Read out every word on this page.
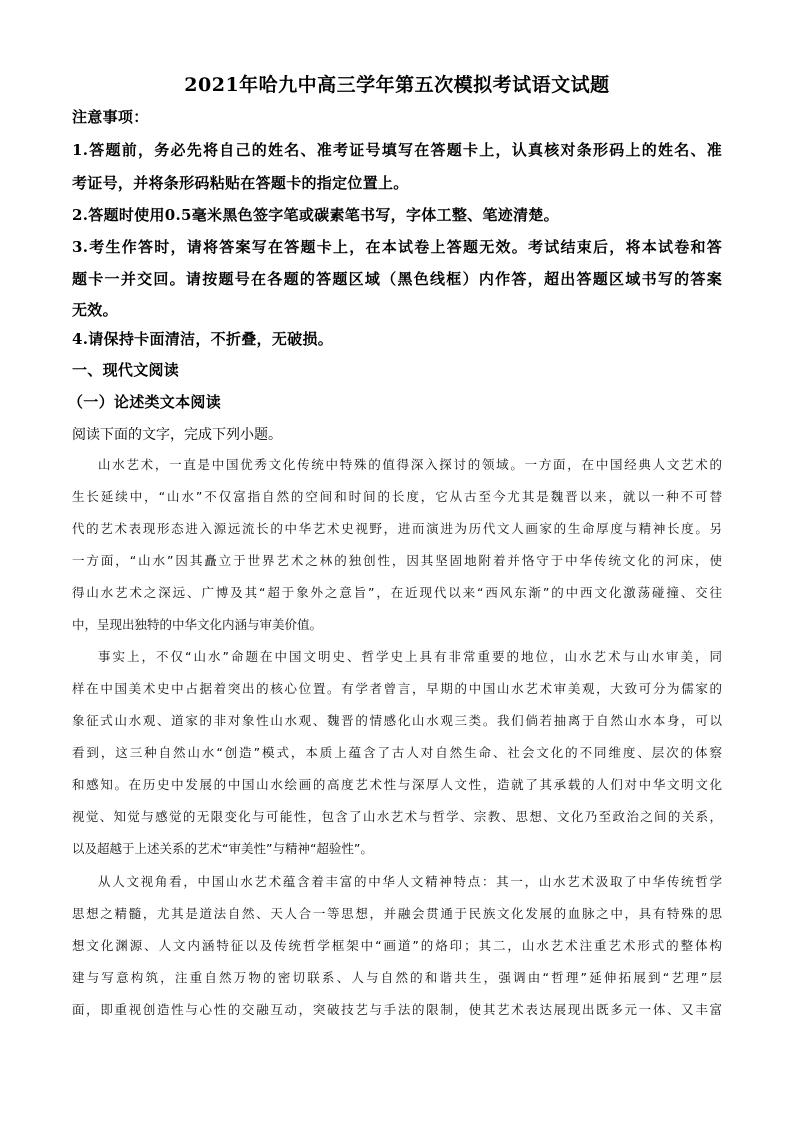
2021年哈九中高三学年第五次模拟考试语文试题
注意事项：
1.答题前，务必先将自己的姓名、准考证号填写在答题卡上，认真核对条形码上的姓名、准
考证号，并将条形码粘贴在答题卡的指定位置上。
2.答题时使用0.5毫米黑色签字笔或碳素笔书写，字体工整、笔迹清楚。
3.考生作答时，请将答案写在答题卡上，在本试卷上答题无效。考试结束后，将本试卷和答
题卡一并交回。请按题号在各题的答题区域（黑色线框）内作答，超出答题区域书写的答案
无效。
4.请保持卡面清洁，不折叠，无破损。
一、现代文阅读
（一）论述类文本阅读
阅读下面的文字，完成下列小题。
山水艺术，一直是中国优秀文化传统中特殊的值得深入探讨的领域。一方面，在中国经典人文艺术的
生长延续中，“山水”不仅富指自然的空间和时间的长度，它从古至今尤其是魏晋以来，就以一种不可替
代的艺术表现形态进入源远流长的中华艺术史视野，进而演进为历代文人画家的生命厚度与精神长度。另
一方面，“山水”因其矗立于世界艺术之林的独创性，因其坚固地附着并恪守于中华传统文化的河床，使
得山水艺术之深远、广博及其“超于象外之意旨”，在近现代以来“西风东渐”的中西文化激荡碰撞、交往
中，呈现出独特的中华文化内涵与审美价值。
事实上，不仅“山水”命题在中国文明史、哲学史上具有非常重要的地位，山水艺术与山水审美，同
样在中国美术史中占据着突出的核心位置。有学者曾言，早期的中国山水艺术审美观，大致可分为儒家的
象征式山水观、道家的非对象性山水观、魏晋的情感化山水观三类。我们倘若抽离于自然山水本身，可以
看到，这三种自然山水“创造”模式，本质上蕴含了古人对自然生命、社会文化的不同维度、层次的体察
和感知。在历史中发展的中国山水绘画的高度艺术性与深厚人文性，造就了其承载的人们对中华文明文化
视觉、知觉与感觉的无限变化与可能性，包含了山水艺术与哲学、宗教、思想、文化乃至政治之间的关系，
以及超越于上述关系的艺术“审美性”与精神“超验性”。
从人文视角看，中国山水艺术蕴含着丰富的中华人文精神特点：其一，山水艺术汲取了中华传统哲学
思想之精髓，尤其是道法自然、天人合一等思想，并融会贯通于民族文化发展的血脉之中，具有特殊的思
想文化渊源、人文内涵特征以及传统哲学框架中“画道”的烙印；其二，山水艺术注重艺术形式的整体构
建与写意构筑，注重自然万物的密切联系、人与自然的和谐共生，强调由“哲理”延伸拓展到“艺理”层
面，即重视创造性与心性的交融互动，突破技艺与手法的限制，使其艺术表达展现出既多元一体、又丰富
